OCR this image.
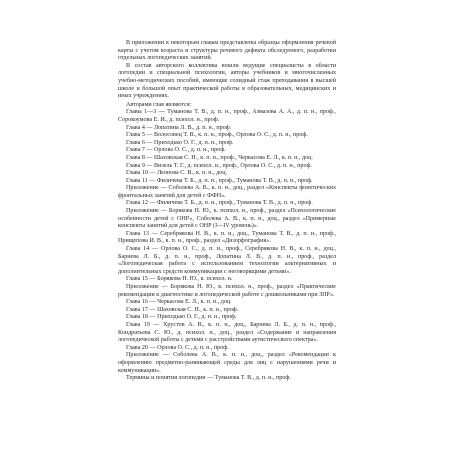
В приложении к некоторым главам представлены образцы оформления речевой карты с учетом возраста и структуры речевого дефекта обследуемого, разработки отдельных логопедических занятий.

В состав авторского коллектива вошли ведущие специалисты в области логопедии и специальной психологии, авторы учебников и многочисленных учебно-методических пособий, имеющие солидный стаж преподавания в высшей школе и большой опыт практической работы в образовательных, медицинских и иных учреждениях.

Авторами глав являются:

Главы 1—3 — Туманова Т. В., д. п. н., проф., Азмазова А. А., д. п. н., проф., Сорокоумова Е. И., д. психол. н., проф.

Глава 4 — Лопатина Л. В., д. п. н., проф.

Глава 5 — Волосовец Т. В., к. п. н., проф., Орлова О. С., д. п. н., проф.

Глава 6 — Приходько О. Г., д. п. н., проф.

Глава 7 — Орлова О. С., д. п. н., проф.

Глава 8 — Шаховская С. Н., к. п. н., проф., Черкасова Е. Л., к. п. н., доц.

Глава 9 — Визель Т. Г., д. психол. н., проф., Орлова О. С., д. п. н., проф.

Глава 10 — Леонова С. В., к. п. н., доц.

Глава 11 — Филичева Т. Б., д. п. н., проф., Туманова Т. В., д. п. н., проф.

Приложение — Соболева А. В., к. п. н., доц., раздел «Конспекты фонетических фронтальных занятий для детей с ФФН».

Глава 12 — Филичева Т. Б., д. п. н., проф., Туманова Т. В., д. п. н., проф.

Приложение — Борякова Н. Ю., к. психол. н., проф., раздел «Психологические особенности детей с ОНР», Соболева А. В., к. п. н., доц., раздел «Примерные конспекты занятий для детей с ОНР (I—IV уровень)».

Глава 13 — Серебрякова Н. В., к. п. н., доц., Туманова Т. В., д. п. н., проф., Прищепова И. В., к. п. н., проф., раздел «Дизорфография».

Глава 14 — Орлова О. С., д. п. н., проф., Серебрякова Н. В., к. п. н., доц., Барнева Л. Б., д. п. н., проф., Лопатина Л. В., д. п. н., проф., раздел «Логопедическая работа с использованием технологии альтернативных и дополнительных средств коммуникации с неговорящими детьми».

Глава 15 — Борякова Н. Ю., к. психол. н.

Приложение — Борякова Н. Ю., к. психол. н., проф., раздел «Практические рекомендации к диагностике и логопедической работе с дошкольниками при ЗПР».

Глава 16 — Черкасова Е. Л., к. п. н., доц.

Глава 17 — Шаховская С. Н., к. п. н., проф.

Глава 18 — Приходько О. Г., д. п. н., проф.

Глава 19 — Хрустов А. В., к. п. н., доц., Барнева Л. Б., д. п. н., проф., Кондратьева С. Ю., д. психол. н., доц., раздел «Содержание и направления логопедической работы с детьми с расстройствами аутистического спектра».

Глава 20 — Орлова О. С., д. п. н., проф.

Приложение — Соболева А. В., к. п. н., доц., раздел «Рекомендации к оформлению предметно-развивающей среды для лиц с нарушениями речи и коммуникации».

Термины и понятия логопедии — Туманова Т. В., д. п. н., проф.
